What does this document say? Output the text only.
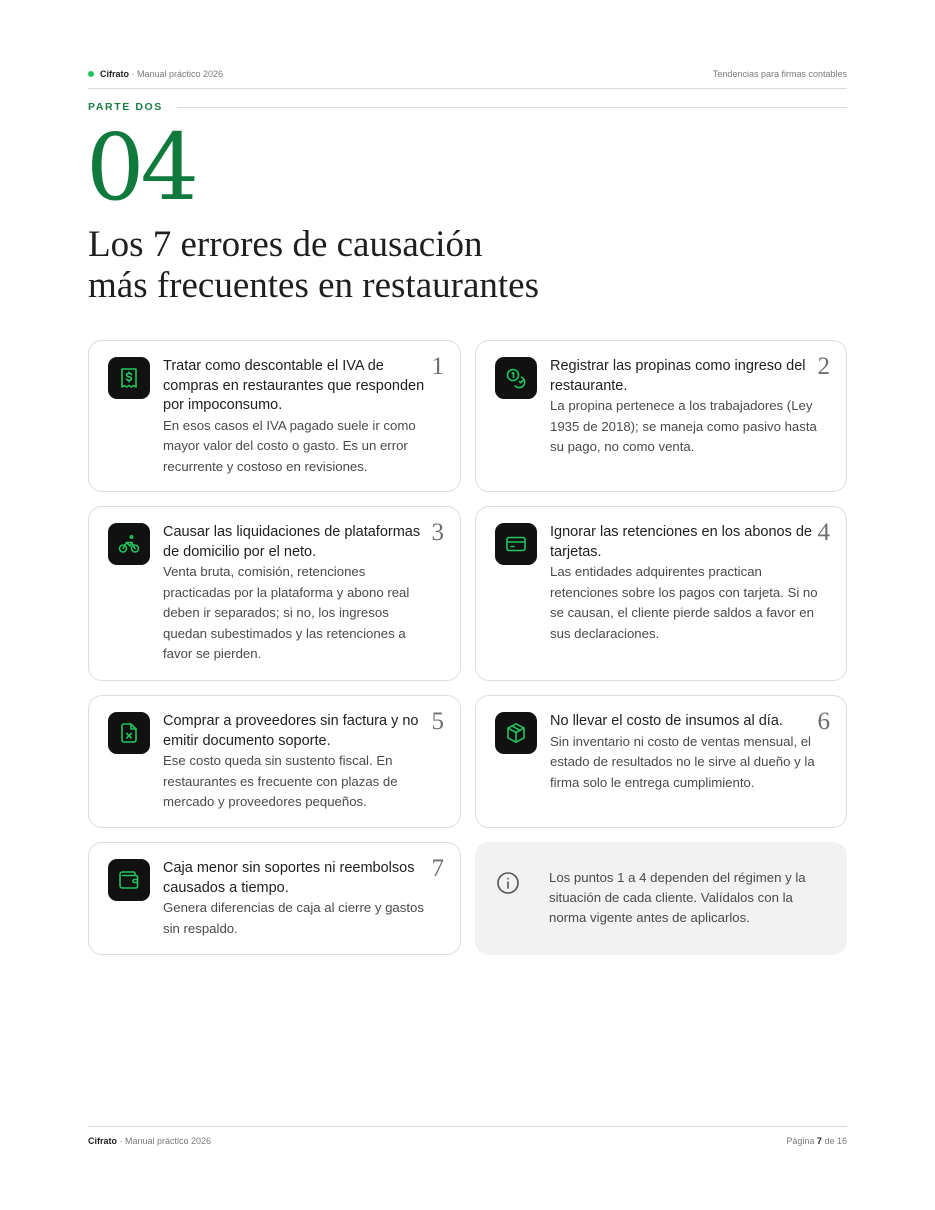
Cifrato
· Manual práctico 2026	Tendencias para firmas contables
PARTE DOS
04
Los 7 errores de causación
más frecuentes en restaurantes
1
Tratar como descontable el IVA de compras en restaurantes que responden por impoconsumo.
En esos casos el IVA pagado suele ir como mayor valor del costo o gasto. Es un error recurrente y costoso en revisiones.
2
Registrar las propinas como ingreso del restaurante.
La propina pertenece a los trabajadores (Ley 1935 de 2018); se maneja como pasivo hasta su pago, no como venta.
3
Causar las liquidaciones de plataformas de domicilio por el neto.
Venta bruta, comisión, retenciones practicadas por la plataforma y abono real deben ir separados; si no, los ingresos quedan subestimados y las retenciones a favor se pierden.
4
Ignorar las retenciones en los abonos de tarjetas.
Las entidades adquirentes practican retenciones sobre los pagos con tarjeta. Si no se causan, el cliente pierde saldos a favor en sus declaraciones.
5
Comprar a proveedores sin factura y no emitir documento soporte.
Ese costo queda sin sustento fiscal. En restaurantes es frecuente con plazas de mercado y proveedores pequeños.
6
No llevar el costo de insumos al día.
Sin inventario ni costo de ventas mensual, el estado de resultados no le sirve al dueño y la firma solo le entrega cumplimiento.
7
Caja menor sin soportes ni reembolsos causados a tiempo.
Genera diferencias de caja al cierre y gastos sin respaldo.
Los puntos 1 a 4 dependen del régimen y la situación de cada cliente. Valídalos con la norma vigente antes de aplicarlos.
Cifrato · Manual práctico 2026	Página 7 de 16
